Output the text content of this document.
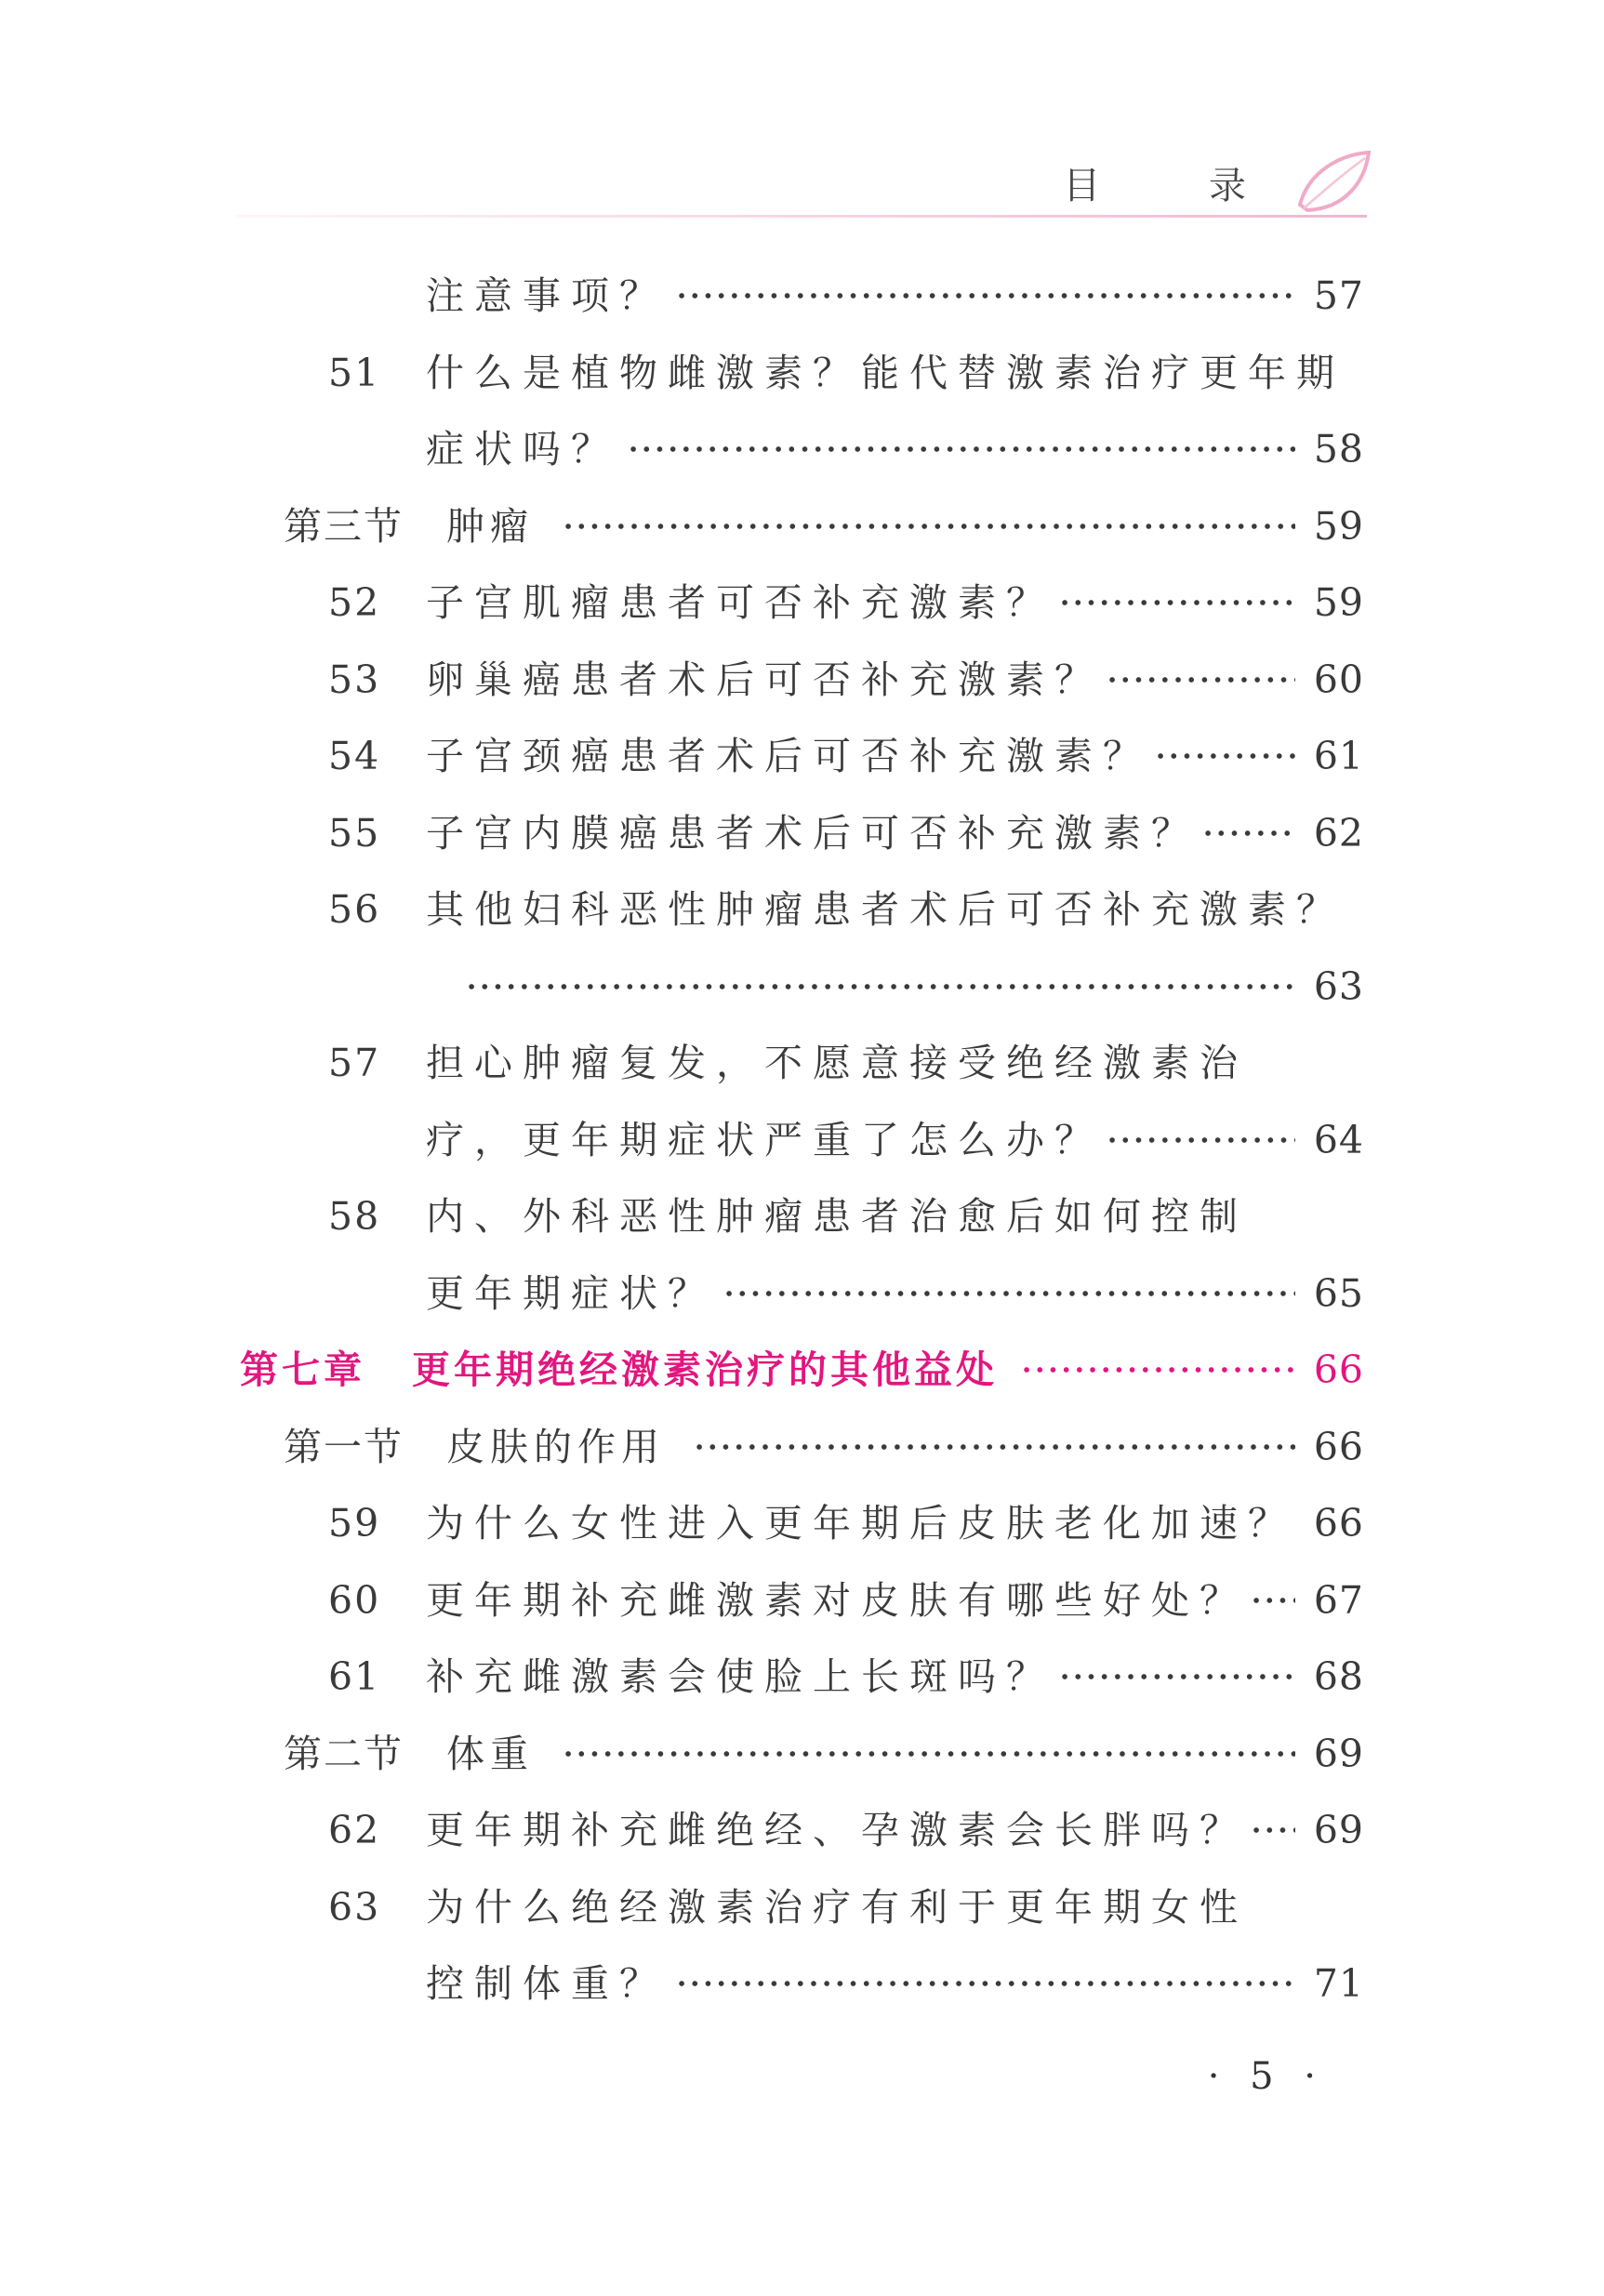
目 录
注意事项？	57
51	什么是植物雌激素？能代替激素治疗更年期
症状吗？	58
第三节 肿瘤	59
52	子宫肌瘤患者可否补充激素？	59
53	卵巢癌患者术后可否补充激素？	60
54	子宫颈癌患者术后可否补充激素？	61
55	子宫内膜癌患者术后可否补充激素？	62
56	其他妇科恶性肿瘤患者术后可否补充激素？
63
57	担心肿瘤复发，不愿意接受绝经激素治
疗，更年期症状严重了怎么办？	64
58	内、外科恶性肿瘤患者治愈后如何控制
更年期症状？	65
第七章 更年期绝经激素治疗的其他益处	66
第一节 皮肤的作用	66
59	为什么女性进入更年期后皮肤老化加速？ 66
60	更年期补充雌激素对皮肤有哪些好处？ 67
61	补充雌激素会使脸上长斑吗？	68
第二节 体重	69
62	更年期补充雌绝经、孕激素会长胖吗？ 69
63	为什么绝经激素治疗有利于更年期女性
控制体重？	71
· 5 ·
